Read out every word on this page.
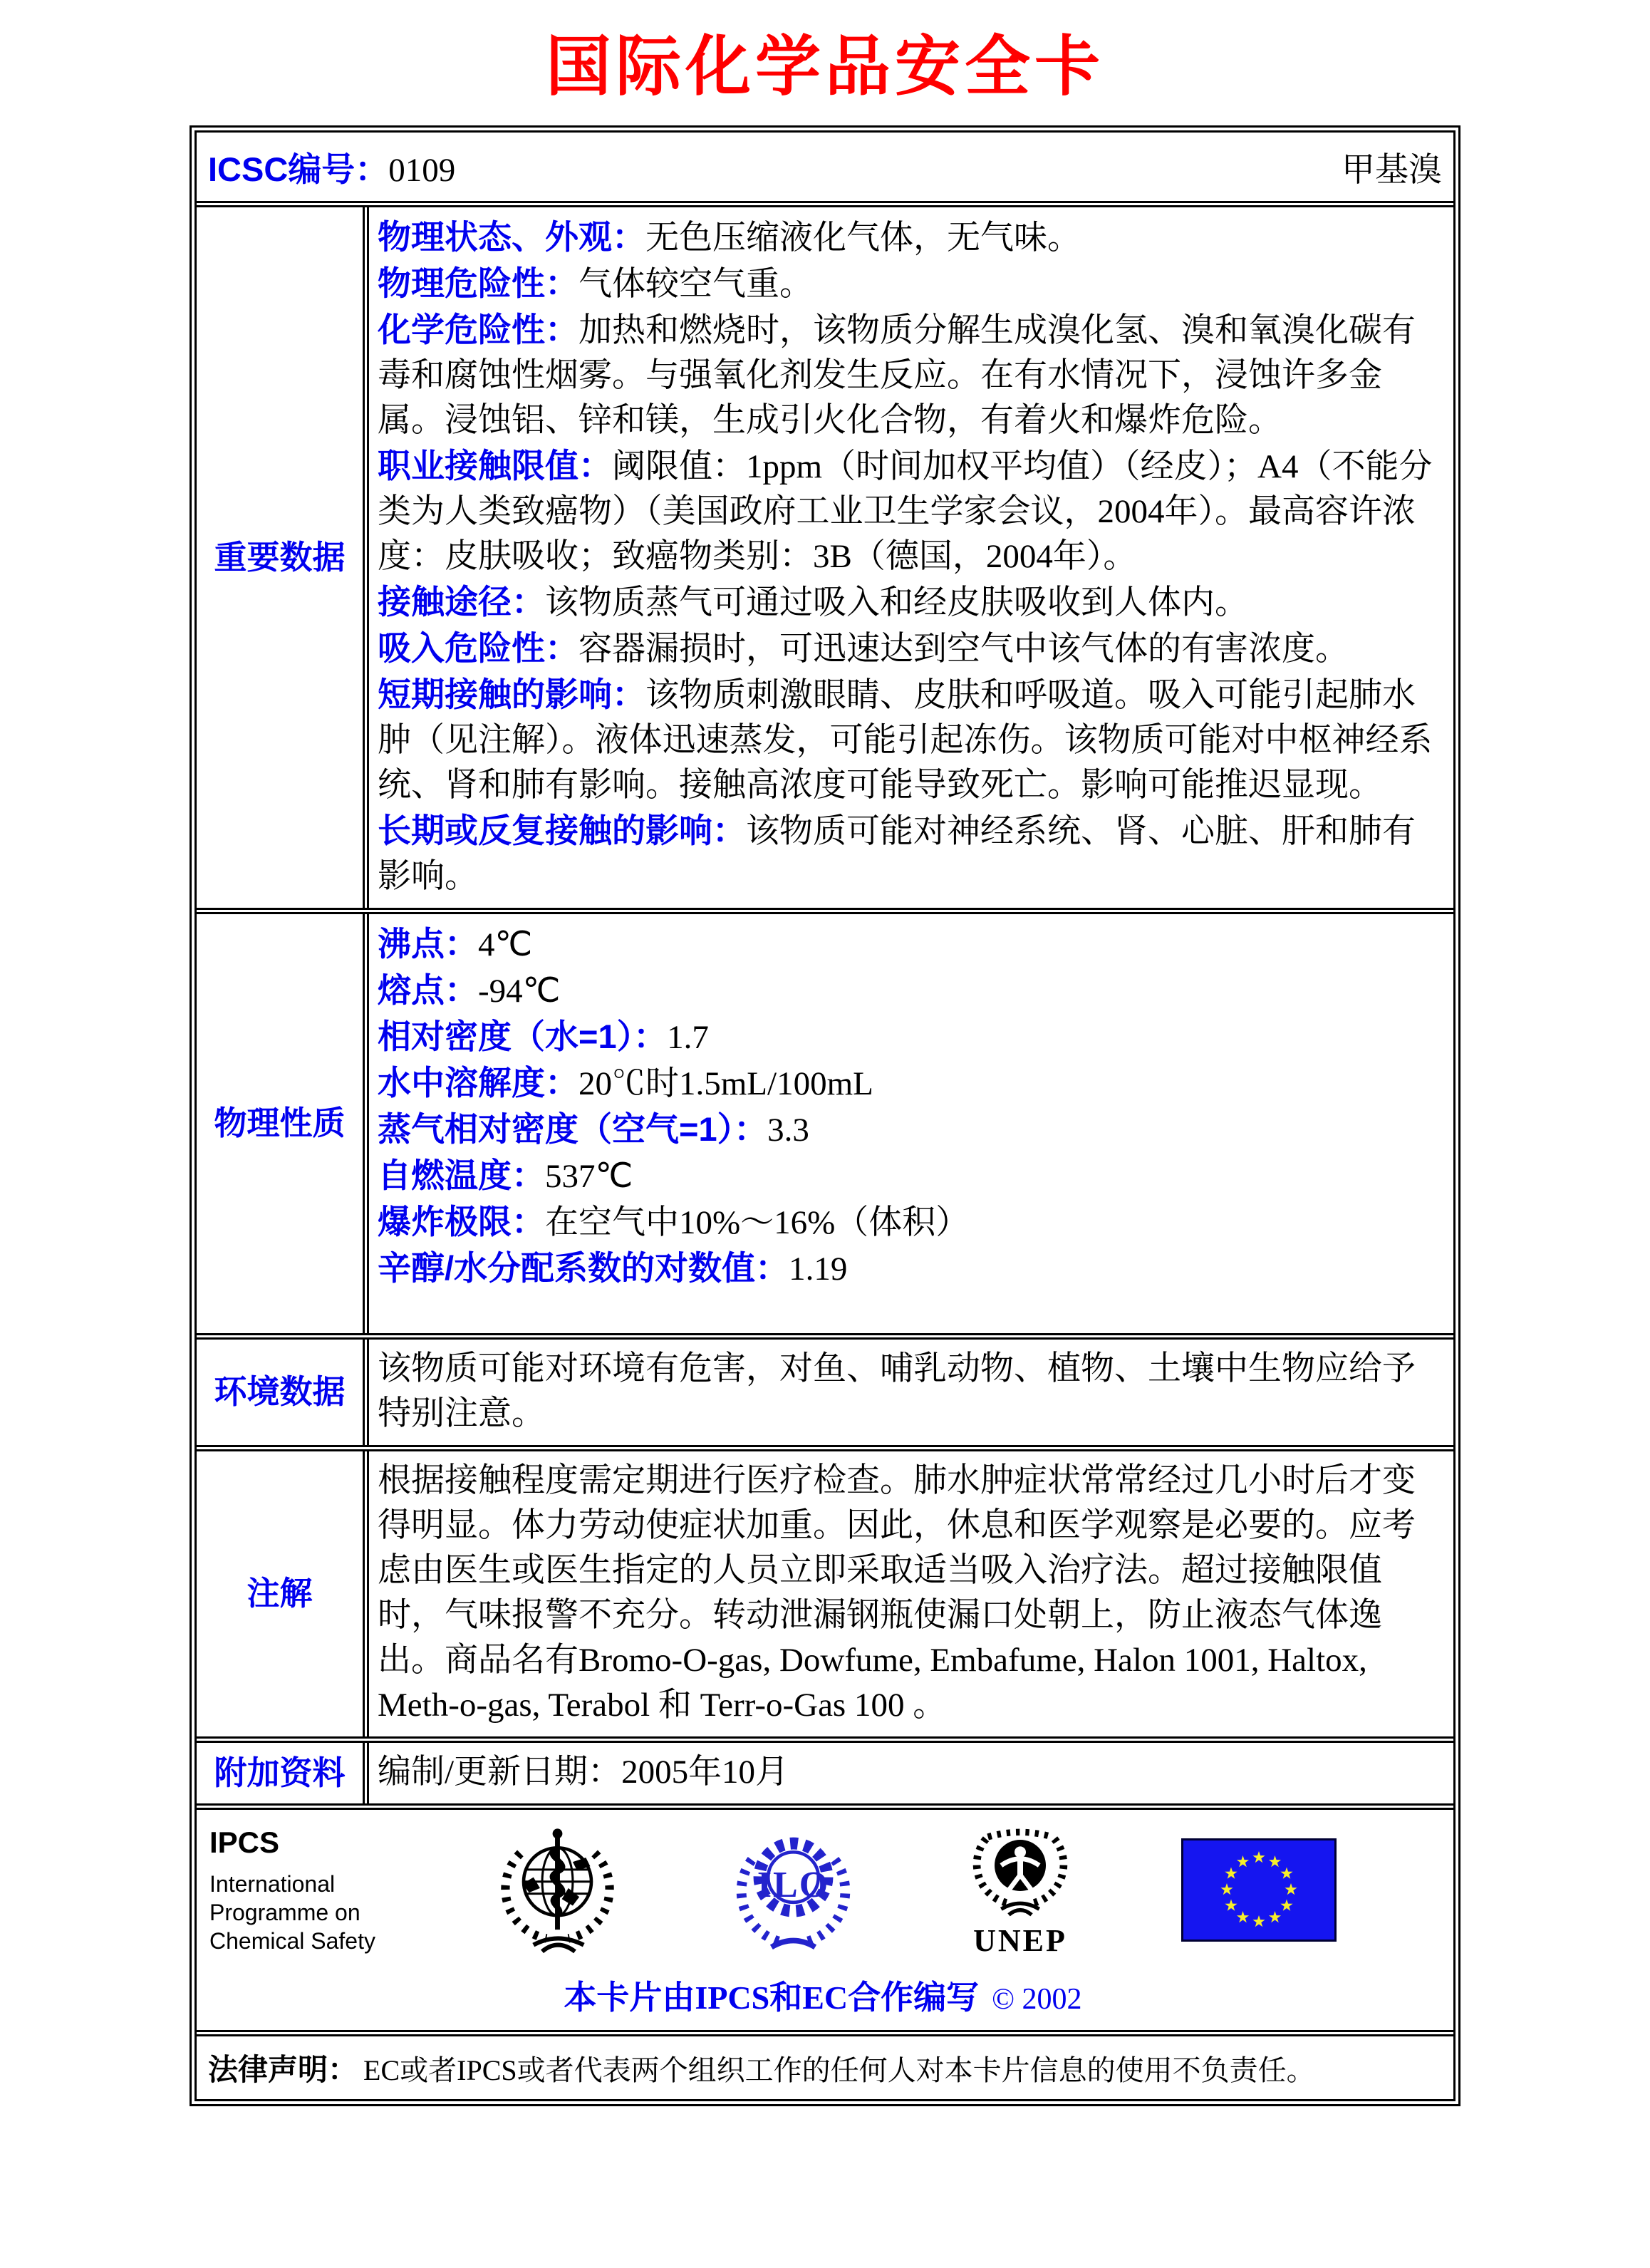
国际化学品安全卡
ICSC编号：0109	甲基溴
重要数据
物理状态、外观：无色压缩液化气体，无气味。
物理危险性：气体较空气重。
化学危险性：加热和燃烧时，该物质分解生成溴化氢、溴和氧溴化碳有毒和腐蚀性烟雾。与强氧化剂发生反应。在有水情况下，浸蚀许多金属。浸蚀铝、锌和镁，生成引火化合物，有着火和爆炸危险。
职业接触限值：阈限值：1ppm（时间加权平均值）（经皮）；A4（不能分类为人类致癌物）（美国政府工业卫生学家会议，2004年）。最高容许浓度：皮肤吸收；致癌物类别：3B（德国，2004年）。
接触途径：该物质蒸气可通过吸入和经皮肤吸收到人体内。
吸入危险性：容器漏损时，可迅速达到空气中该气体的有害浓度。
短期接触的影响：该物质刺激眼睛、皮肤和呼吸道。吸入可能引起肺水肿（见注解）。液体迅速蒸发，可能引起冻伤。该物质可能对中枢神经系统、肾和肺有影响。接触高浓度可能导致死亡。影响可能推迟显现。
长期或反复接触的影响：该物质可能对神经系统、肾、心脏、肝和肺有影响。
物理性质
沸点：4℃
熔点：-94℃
相对密度（水=1）：1.7
水中溶解度：20℃时1.5mL/100mL
蒸气相对密度（空气=1）：3.3
自燃温度：537℃
爆炸极限：在空气中10%～16%（体积）
辛醇/水分配系数的对数值：1.19
环境数据
该物质可能对环境有危害，对鱼、哺乳动物、植物、土壤中生物应给予特别注意。
注解
根据接触程度需定期进行医疗检查。肺水肿症状常常经过几小时后才变得明显。体力劳动使症状加重。因此，休息和医学观察是必要的。应考虑由医生或医生指定的人员立即采取适当吸入治疗法。超过接触限值时，气味报警不充分。转动泄漏钢瓶使漏口处朝上，防止液态气体逸出。商品名有Bromo-O-gas, Dowfume, Embafume, Halon 1001, Haltox, Meth-o-gas, Terabol 和 Terr-o-Gas 100 。
附加资料 编制/更新日期：2005年10月
IPCS
International
Programme on
Chemical Safety
ILO
UNEP
本卡片由IPCS和EC合作编写 © 2002
法律声明： EC或者IPCS或者代表两个组织工作的任何人对本卡片信息的使用不负责任。
